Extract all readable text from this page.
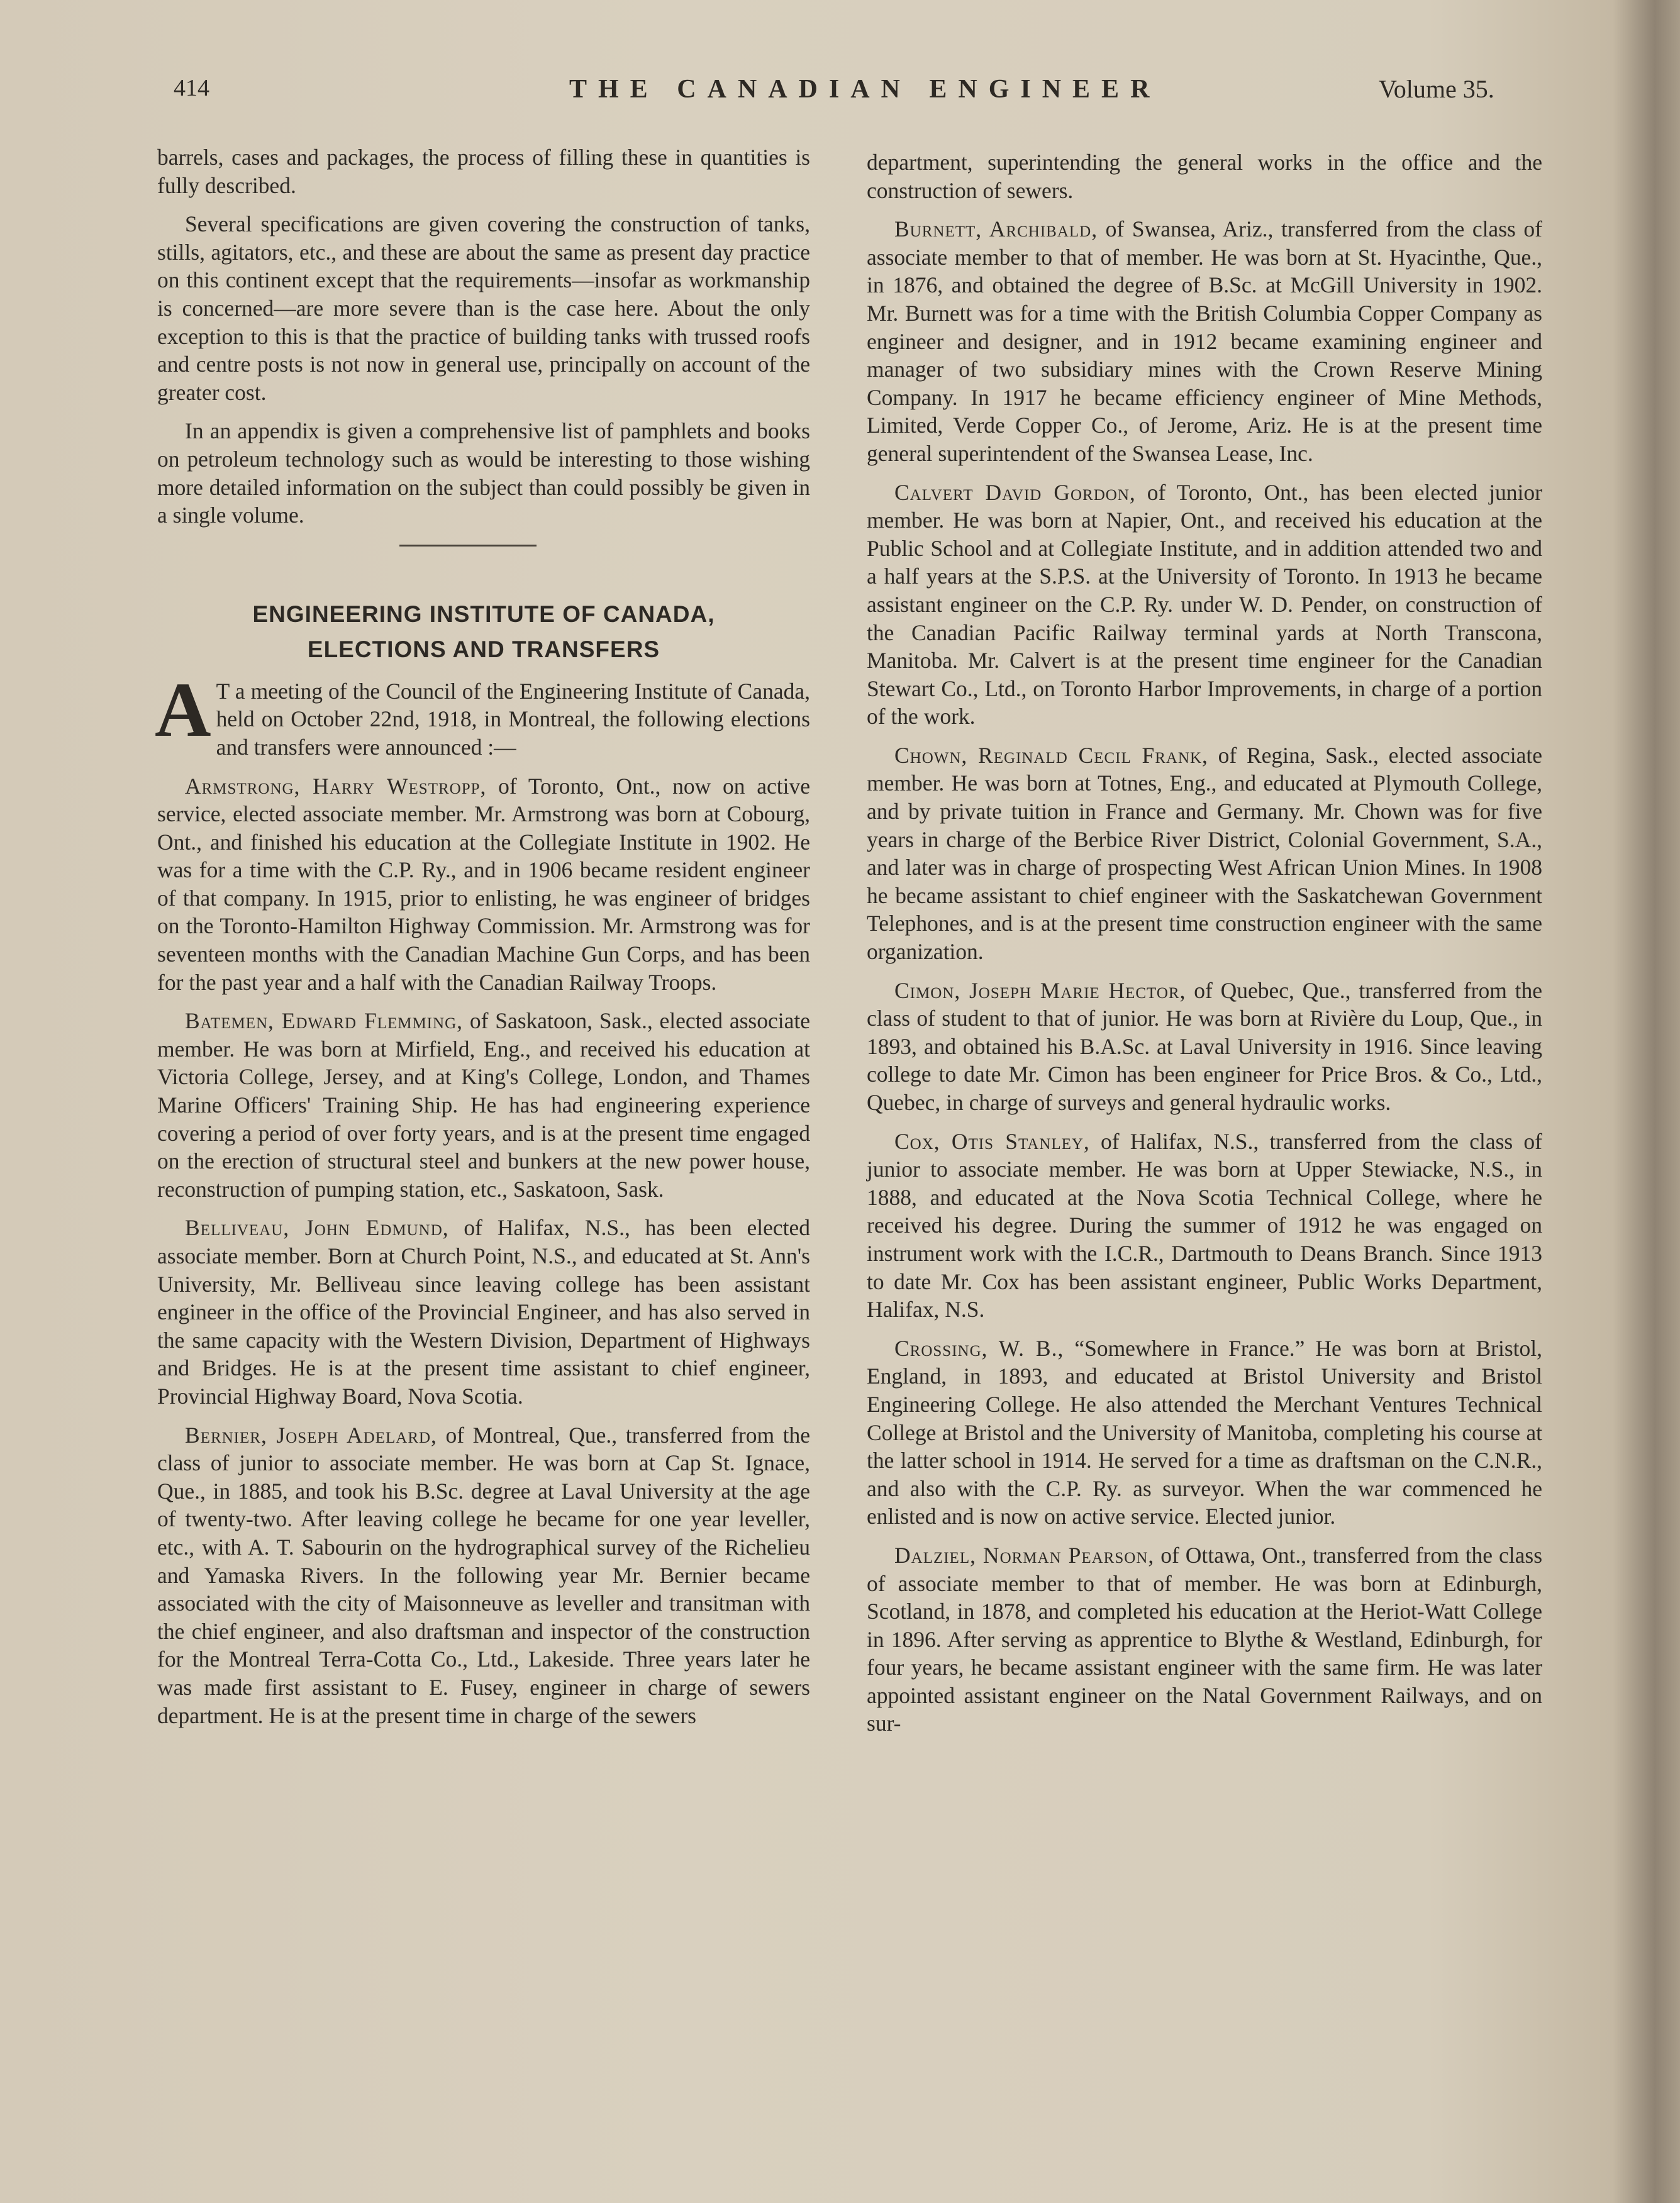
414	THE CANADIAN ENGINEER	Volume 35.

barrels, cases and packages, the process of filling these in quantities is fully described.

Several specifications are given covering the construction of tanks, stills, agitators, etc., and these are about the same as present day practice on this continent except that the requirements—insofar as workmanship is concerned—are more severe than is the case here. About the only exception to this is that the practice of building tanks with trussed roofs and centre posts is not now in general use, principally on account of the greater cost.

In an appendix is given a comprehensive list of pamphlets and books on petroleum technology such as would be interesting to those wishing more detailed information on the subject than could possibly be given in a single volume.

ENGINEERING INSTITUTE OF CANADA,
ELECTIONS AND TRANSFERS

A T a meeting of the Council of the Engineering Institute of Canada, held on October 22nd, 1918, in Montreal, the following elections and transfers were announced :—

Armstrong, Harry Westropp, of Toronto, Ont., now on active service, elected associate member. Mr. Armstrong was born at Cobourg, Ont., and finished his education at the Collegiate Institute in 1902. He was for a time with the C.P. Ry., and in 1906 became resident engineer of that company. In 1915, prior to enlisting, he was engineer of bridges on the Toronto-Hamilton Highway Commission. Mr. Armstrong was for seventeen months with the Canadian Machine Gun Corps, and has been for the past year and a half with the Canadian Railway Troops.

Batemen, Edward Flemming, of Saskatoon, Sask., elected associate member. He was born at Mirfield, Eng., and received his education at Victoria College, Jersey, and at King's College, London, and Thames Marine Officers' Training Ship. He has had engineering experience covering a period of over forty years, and is at the present time engaged on the erection of structural steel and bunkers at the new power house, reconstruction of pumping station, etc., Saskatoon, Sask.

Belliveau, John Edmund, of Halifax, N.S., has been elected associate member. Born at Church Point, N.S., and educated at St. Ann's University, Mr. Belliveau since leaving college has been assistant engineer in the office of the Provincial Engineer, and has also served in the same capacity with the Western Division, Department of Highways and Bridges. He is at the present time assistant to chief engineer, Provincial Highway Board, Nova Scotia.

Bernier, Joseph Adelard, of Montreal, Que., transferred from the class of junior to associate member. He was born at Cap St. Ignace, Que., in 1885, and took his B.Sc. degree at Laval University at the age of twenty-two. After leaving college he became for one year leveller, etc., with A. T. Sabourin on the hydrographical survey of the Richelieu and Yamaska Rivers. In the following year Mr. Bernier became associated with the city of Maisonneuve as leveller and transitman with the chief engineer, and also draftsman and inspector of the construction for the Montreal Terra-Cotta Co., Ltd., Lakeside. Three years later he was made first assistant to E. Fusey, engineer in charge of sewers department. He is at the present time in charge of the sewers

department, superintending the general works in the office and the construction of sewers.

Burnett, Archibald, of Swansea, Ariz., transferred from the class of associate member to that of member. He was born at St. Hyacinthe, Que., in 1876, and obtained the degree of B.Sc. at McGill University in 1902. Mr. Burnett was for a time with the British Columbia Copper Company as engineer and designer, and in 1912 became examining engineer and manager of two subsidiary mines with the Crown Reserve Mining Company. In 1917 he became efficiency engineer of Mine Methods, Limited, Verde Copper Co., of Jerome, Ariz. He is at the present time general superintendent of the Swansea Lease, Inc.

Calvert David Gordon, of Toronto, Ont., has been elected junior member. He was born at Napier, Ont., and received his education at the Public School and at Collegiate Institute, and in addition attended two and a half years at the S.P.S. at the University of Toronto. In 1913 he became assistant engineer on the C.P. Ry. under W. D. Pender, on construction of the Canadian Pacific Railway terminal yards at North Transcona, Manitoba. Mr. Calvert is at the present time engineer for the Canadian Stewart Co., Ltd., on Toronto Harbor Improvements, in charge of a portion of the work.

Chown, Reginald Cecil Frank, of Regina, Sask., elected associate member. He was born at Totnes, Eng., and educated at Plymouth College, and by private tuition in France and Germany. Mr. Chown was for five years in charge of the Berbice River District, Colonial Government, S.A., and later was in charge of prospecting West African Union Mines. In 1908 he became assistant to chief engineer with the Saskatchewan Government Telephones, and is at the present time construction engineer with the same organization.

Cimon, Joseph Marie Hector, of Quebec, Que., transferred from the class of student to that of junior. He was born at Rivière du Loup, Que., in 1893, and obtained his B.A.Sc. at Laval University in 1916. Since leaving college to date Mr. Cimon has been engineer for Price Bros. & Co., Ltd., Quebec, in charge of surveys and general hydraulic works.

Cox, Otis Stanley, of Halifax, N.S., transferred from the class of junior to associate member. He was born at Upper Stewiacke, N.S., in 1888, and educated at the Nova Scotia Technical College, where he received his degree. During the summer of 1912 he was engaged on instrument work with the I.C.R., Dartmouth to Deans Branch. Since 1913 to date Mr. Cox has been assistant engineer, Public Works Department, Halifax, N.S.

Crossing, W. B., “Somewhere in France.” He was born at Bristol, England, in 1893, and educated at Bristol University and Bristol Engineering College. He also attended the Merchant Ventures Technical College at Bristol and the University of Manitoba, completing his course at the latter school in 1914. He served for a time as draftsman on the C.N.R., and also with the C.P. Ry. as surveyor. When the war commenced he enlisted and is now on active service. Elected junior.

Dalziel, Norman Pearson, of Ottawa, Ont., transferred from the class of associate member to that of member. He was born at Edinburgh, Scotland, in 1878, and completed his education at the Heriot-Watt College in 1896. After serving as apprentice to Blythe & Westland, Edinburgh, for four years, he became assistant engineer with the same firm. He was later appointed assistant engineer on the Natal Government Railways, and on sur-
